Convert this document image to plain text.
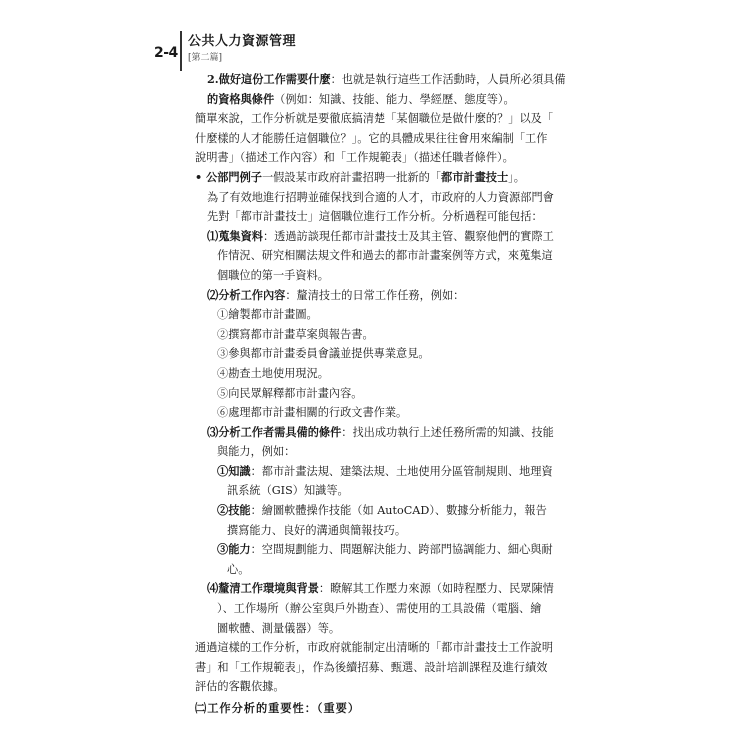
2-4
公共人力資源管理
[第二篇]

2.做好這份工作需要什麼：也就是執行這些工作活動時，人員所必須具備

的資格與條件（例如：知識、技能、能力、學經歷、態度等）。

簡單來說，工作分析就是要徹底搞清楚「某個職位是做什麼的？」以及「

什麼樣的人才能勝任這個職位？」。它的具體成果往往會用來編制「工作

說明書」（描述工作內容）和「工作規範表」（描述任職者條件）。

• 公部門例子一假設某市政府計畫招聘一批新的「都市計畫技士」。

為了有效地進行招聘並確保找到合適的人才，市政府的人力資源部門會

先對「都市計畫技士」這個職位進行工作分析。分析過程可能包括：

⑴蒐集資料：透過訪談現任都市計畫技士及其主管、觀察他們的實際工

作情況、研究相關法規文件和過去的都市計畫案例等方式，來蒐集這

個職位的第一手資料。

⑵分析工作內容：釐清技士的日常工作任務，例如：

①繪製都市計畫圖。

②撰寫都市計畫草案與報告書。

③參與都市計畫委員會議並提供專業意見。

④勘查土地使用現況。

⑤向民眾解釋都市計畫內容。

⑥處理都市計畫相關的行政文書作業。

⑶分析工作者需具備的條件：找出成功執行上述任務所需的知識、技能

與能力，例如：

①知識：都市計畫法規、建築法規、土地使用分區管制規則、地理資

訊系統（GIS）知識等。

②技能：繪圖軟體操作技能（如 AutoCAD）、數據分析能力，報告

撰寫能力、良好的溝通與簡報技巧。

③能力：空間規劃能力、問題解決能力、跨部門協調能力、細心與耐

心。

⑷釐清工作環境與背景：瞭解其工作壓力來源（如時程壓力、民眾陳情

）、工作場所（辦公室與戶外勘查）、需使用的工具設備（電腦、繪

圖軟體、測量儀器）等。

通過這樣的工作分析，市政府就能制定出清晰的「都市計畫技士工作說明

書」和「工作規範表」，作為後續招募、甄選、設計培訓課程及進行績效

評估的客觀依據。

㈡工作分析的重要性：（重要）
